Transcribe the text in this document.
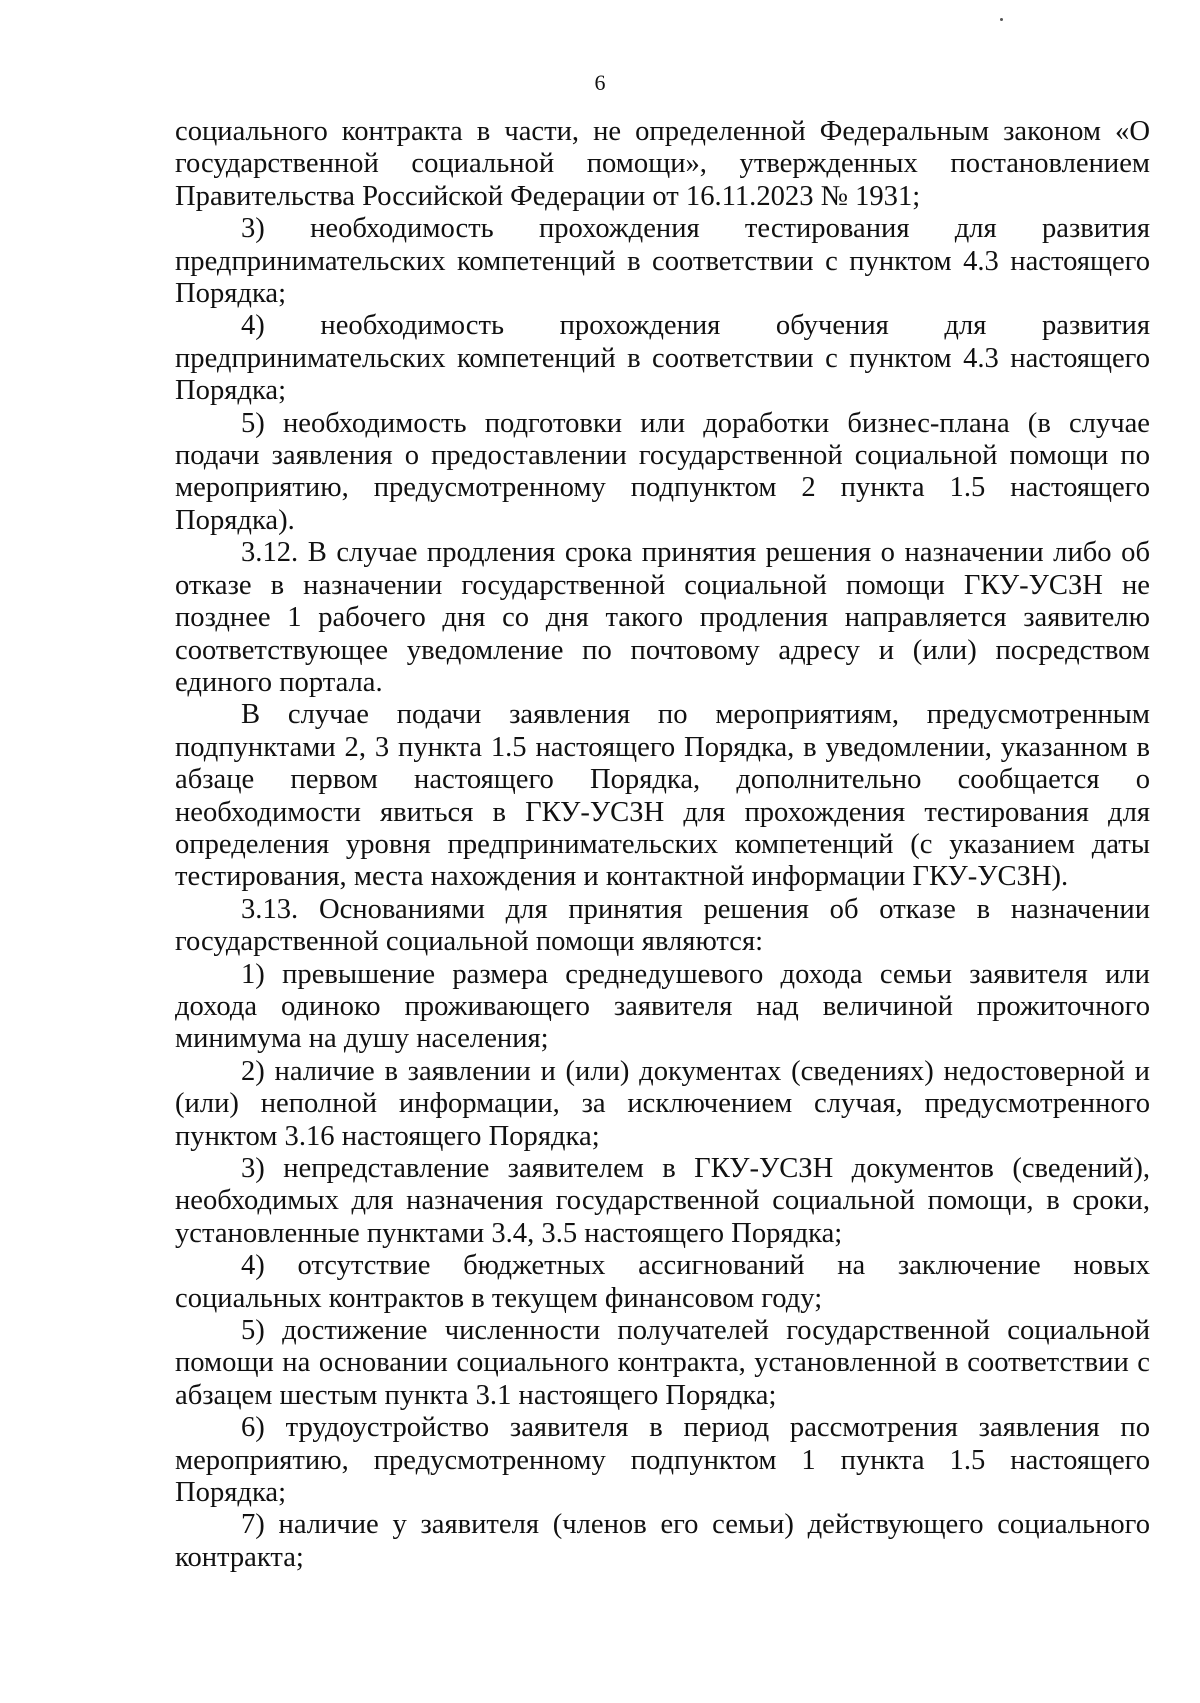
6

социального контракта в части, не определенной Федеральным законом «О государственной социальной помощи», утвержденных постановлением Правительства Российской Федерации от 16.11.2023 № 1931;

3) необходимость прохождения тестирования для развития предпринимательских компетенций в соответствии с пунктом 4.3 настоящего Порядка;

4) необходимость прохождения обучения для развития предпринимательских компетенций в соответствии с пунктом 4.3 настоящего Порядка;

5) необходимость подготовки или доработки бизнес-плана (в случае подачи заявления о предоставлении государственной социальной помощи по мероприятию, предусмотренному подпунктом 2 пункта 1.5 настоящего Порядка).

3.12. В случае продления срока принятия решения о назначении либо об отказе в назначении государственной социальной помощи ГКУ-УСЗН не позднее 1 рабочего дня со дня такого продления направляется заявителю соответствующее уведомление по почтовому адресу и (или) посредством единого портала.

В случае подачи заявления по мероприятиям, предусмотренным подпунктами 2, 3 пункта 1.5 настоящего Порядка, в уведомлении, указанном в абзаце первом настоящего Порядка, дополнительно сообщается о необходимости явиться в ГКУ-УСЗН для прохождения тестирования для определения уровня предпринимательских компетенций (с указанием даты тестирования, места нахождения и контактной информации ГКУ-УСЗН).

3.13. Основаниями для принятия решения об отказе в назначении государственной социальной помощи являются:

1) превышение размера среднедушевого дохода семьи заявителя или дохода одиноко проживающего заявителя над величиной прожиточного минимума на душу населения;

2) наличие в заявлении и (или) документах (сведениях) недостоверной и (или) неполной информации, за исключением случая, предусмотренного пунктом 3.16 настоящего Порядка;

3) непредставление заявителем в ГКУ-УСЗН документов (сведений), необходимых для назначения государственной социальной помощи, в сроки, установленные пунктами 3.4, 3.5 настоящего Порядка;

4) отсутствие бюджетных ассигнований на заключение новых социальных контрактов в текущем финансовом году;

5) достижение численности получателей государственной социальной помощи на основании социального контракта, установленной в соответствии с абзацем шестым пункта 3.1 настоящего Порядка;

6) трудоустройство заявителя в период рассмотрения заявления по мероприятию, предусмотренному подпунктом 1 пункта 1.5 настоящего Порядка;

7) наличие у заявителя (членов его семьи) действующего социального контракта;
